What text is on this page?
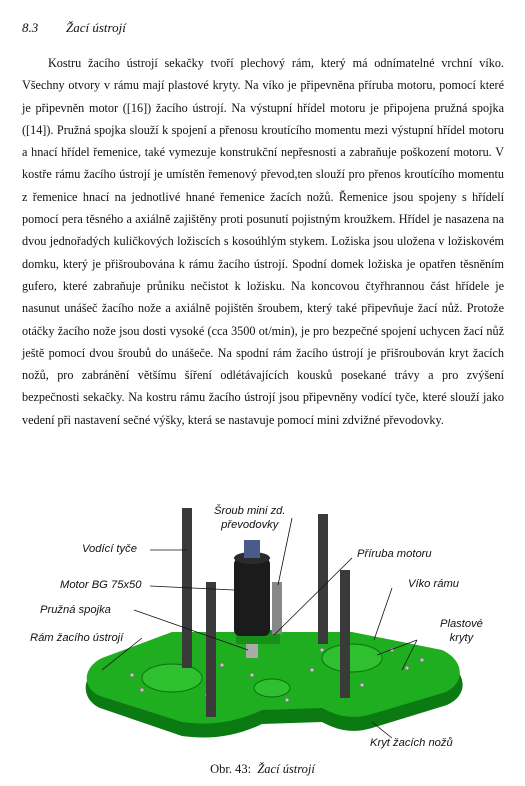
8.3 Žací ústrojí

Kostru žacího ústrojí sekačky tvoří plechový rám, který má odnímatelné vrchní víko. Všechny otvory v rámu mají plastové kryty. Na víko je připevněna příruba motoru, pomocí které je připevněn motor ([16]) žacího ústrojí. Na výstupní hřídel motoru je připojena pružná spojka ([14]). Pružná spojka slouží k spojení a přenosu kroutícího momentu mezi výstupní hřídel motoru a hnací hřídel řemenice, také vymezuje konstrukční nepřesnosti a zabraňuje poškození motoru. V kostře rámu žacího ústrojí je umístěn řemenový převod,ten slouží pro přenos kroutícího momentu z řemenice hnací na jednotlivé hnané řemenice žacích nožů. Řemenice jsou spojeny s hřídelí pomocí pera těsného a axiálně zajištěny proti posunutí pojistným kroužkem. Hřídel je nasazena na dvou jednořadých kuličkových ložiscích s kosoúhlým stykem. Ložiska jsou uložena v ložiskovém domku, který je přišroubována k rámu žacího ústrojí. Spodní domek ložiska je opatřen těsněním gufero, které zabraňuje průniku nečistot k ložisku. Na koncovou čtyřhrannou část hřídele je nasunut unášeč žacího nože a axiálně pojištěn šroubem, který také připevňuje žací nůž. Protože otáčky žacího nože jsou dosti vysoké (cca 3500 ot/min), je pro bezpečné spojení uchycen žací nůž ještě pomocí dvou šroubů do unášeče. Na spodní rám žacího ústrojí je přišroubován kryt žacích nožů, pro zabránění většímu šíření odlétávajících kousků posekané trávy a pro zvýšení bezpečnosti sekačky. Na kostru rámu žacího ústrojí jsou připevněny vodící tyče, které slouží jako vedení při nastavení sečné výšky, která se nastavuje pomocí mini zdvižné převodovky.

Šroub mini zd.
převodovky
Vodící tyče	Příruba motoru
Motor BG 75x50	Víko rámu
Pružná spojka
Plastové
kryty
Rám žacího ústrojí
Kryt žacích nožů
Obr. 43: Žací ústrojí
